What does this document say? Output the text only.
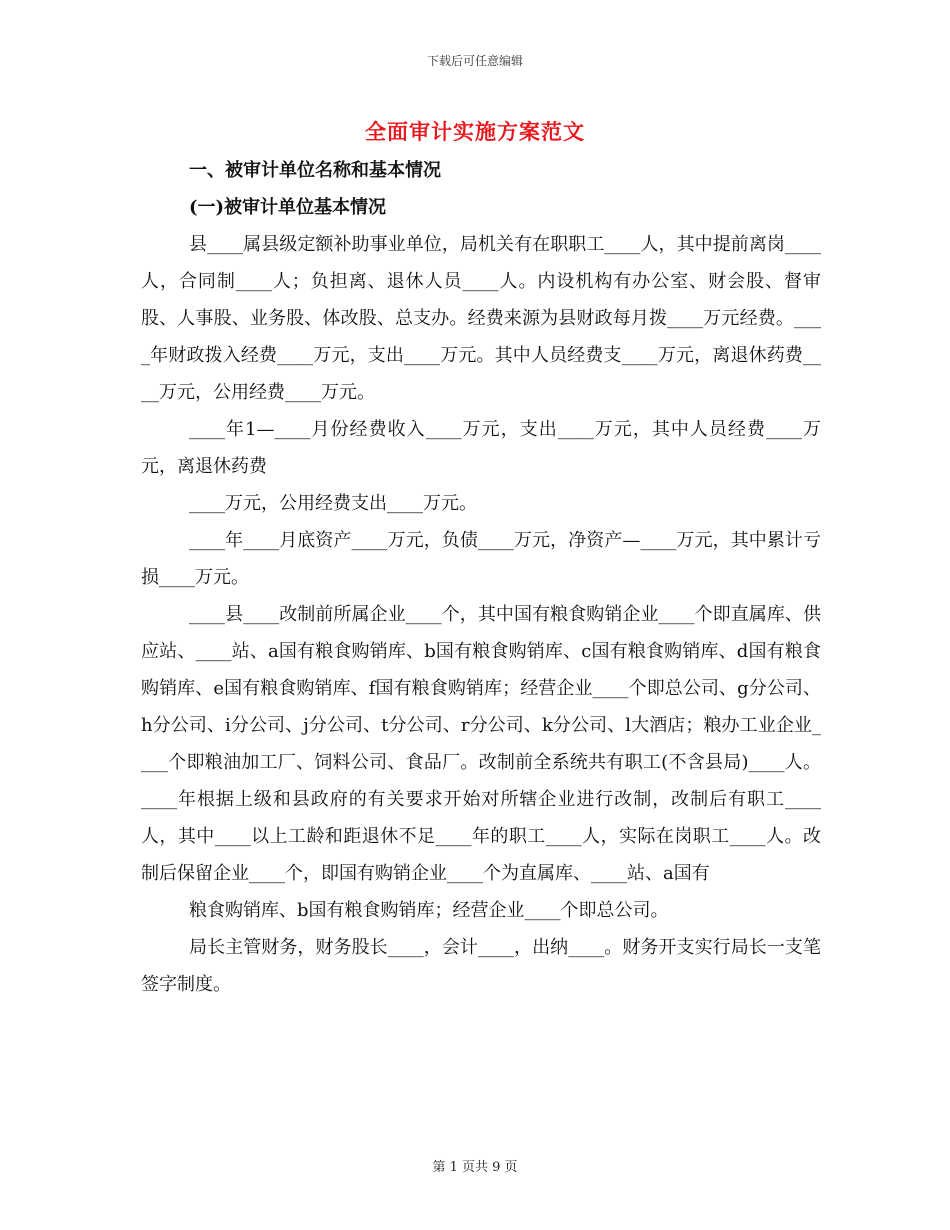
下载后可任意编辑
全面审计实施方案范文
一、被审计单位名称和基本情况
(一)被审计单位基本情况
县____属县级定额补助事业单位，局机关有在职职工____人，其中提前离岗____人，合同制____人；负担离、退休人员____人。内设机构有办公室、财会股、督审股、人事股、业务股、体改股、总支办。经费来源为县财政每月拨____万元经费。____年财政拨入经费____万元，支出____万元。其中人员经费支____万元，离退休药费____万元，公用经费____万元。
____年1—____月份经费收入____万元，支出____万元，其中人员经费____万元，离退休药费
____万元，公用经费支出____万元。
____年____月底资产____万元，负债____万元，净资产—____万元，其中累计亏损____万元。
____县____改制前所属企业____个，其中国有粮食购销企业____个即直属库、供应站、____站、a国有粮食购销库、b国有粮食购销库、c国有粮食购销库、d国有粮食购销库、e国有粮食购销库、f国有粮食购销库；经营企业____个即总公司、g分公司、h分公司、i分公司、j分公司、t分公司、r分公司、k分公司、l大酒店；粮办工业企业____个即粮油加工厂、饲料公司、食品厂。改制前全系统共有职工(不含县局)____人。____年根据上级和县政府的有关要求开始对所辖企业进行改制，改制后有职工____人，其中____以上工龄和距退休不足____年的职工____人，实际在岗职工____人。改制后保留企业____个，即国有购销企业____个为直属库、____站、a国有
粮食购销库、b国有粮食购销库；经营企业____个即总公司。
局长主管财务，财务股长____，会计____，出纳____。财务开支实行局长一支笔签字制度。
第 1 页共 9 页
